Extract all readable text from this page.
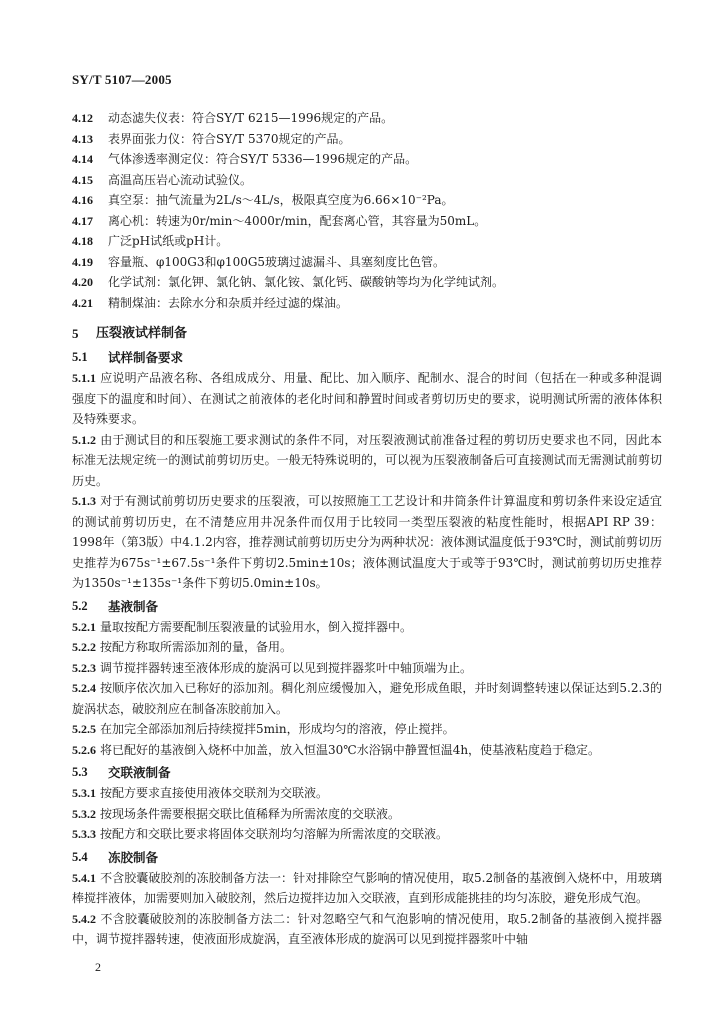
SY/T 5107—2005
4.12	动态滤失仪表：符合SY/T 6215—1996规定的产品。
4.13	表界面张力仪：符合SY/T 5370规定的产品。
4.14	气体渗透率测定仪：符合SY/T 5336—1996规定的产品。
4.15	高温高压岩心流动试验仪。
4.16	真空泵：抽气流量为2L/s～4L/s，极限真空度为6.66×10⁻²Pa。
4.17	离心机：转速为0r/min～4000r/min，配套离心管，其容量为50mL。
4.18	广泛pH试纸或pH计。
4.19	容量瓶、φ100G3和φ100G5玻璃过滤漏斗、具塞刻度比色管。
4.20	化学试剂：氯化钾、氯化钠、氯化铵、氯化钙、碳酸钠等均为化学纯试剂。
4.21	精制煤油：去除水分和杂质并经过滤的煤油。
5	压裂液试样制备
5.1	试样制备要求
5.1.1 应说明产品液名称、各组成成分、用量、配比、加入顺序、配制水、混合的时间（包括在一种或多种混调强度下的温度和时间）、在测试之前液体的老化时间和静置时间或者剪切历史的要求，说明测试所需的液体体积及特殊要求。
5.1.2 由于测试目的和压裂施工要求测试的条件不同，对压裂液测试前准备过程的剪切历史要求也不同，因此本标准无法规定统一的测试前剪切历史。一般无特殊说明的，可以视为压裂液制备后可直接测试而无需测试前剪切历史。
5.1.3 对于有测试前剪切历史要求的压裂液，可以按照施工工艺设计和井筒条件计算温度和剪切条件来设定适宜的测试前剪切历史，在不清楚应用井况条件而仅用于比较同一类型压裂液的粘度性能时，根据API RP 39：1998年（第3版）中4.1.2内容，推荐测试前剪切历史分为两种状况：液体测试温度低于93℃时，测试前剪切历史推荐为675s⁻¹±67.5s⁻¹条件下剪切2.5min±10s；液体测试温度大于或等于93℃时，测试前剪切历史推荐为1350s⁻¹±135s⁻¹条件下剪切5.0min±10s。
5.2	基液制备
5.2.1 量取按配方需要配制压裂液量的试验用水，倒入搅拌器中。
5.2.2 按配方称取所需添加剂的量，备用。
5.2.3 调节搅拌器转速至液体形成的旋涡可以见到搅拌器浆叶中轴顶端为止。
5.2.4 按顺序依次加入已称好的添加剂。稠化剂应缓慢加入，避免形成鱼眼，并时刻调整转速以保证达到5.2.3的旋涡状态，破胶剂应在制备冻胶前加入。
5.2.5 在加完全部添加剂后持续搅拌5min，形成均匀的溶液，停止搅拌。
5.2.6 将已配好的基液倒入烧杯中加盖，放入恒温30℃水浴锅中静置恒温4h，使基液粘度趋于稳定。
5.3	交联液制备
5.3.1 按配方要求直接使用液体交联剂为交联液。
5.3.2 按现场条件需要根据交联比值稀释为所需浓度的交联液。
5.3.3 按配方和交联比要求将固体交联剂均匀溶解为所需浓度的交联液。
5.4	冻胶制备
5.4.1 不含胶囊破胶剂的冻胶制备方法一：针对排除空气影响的情况使用，取5.2制备的基液倒入烧杯中，用玻璃棒搅拌液体，加需要则加入破胶剂，然后边搅拌边加入交联液，直到形成能挑挂的均匀冻胶，避免形成气泡。
5.4.2 不含胶囊破胶剂的冻胶制备方法二：针对忽略空气和气泡影响的情况使用，取5.2制备的基液倒入搅拌器中，调节搅拌器转速，使液面形成旋涡，直至液体形成的旋涡可以见到搅拌器浆叶中轴
2
